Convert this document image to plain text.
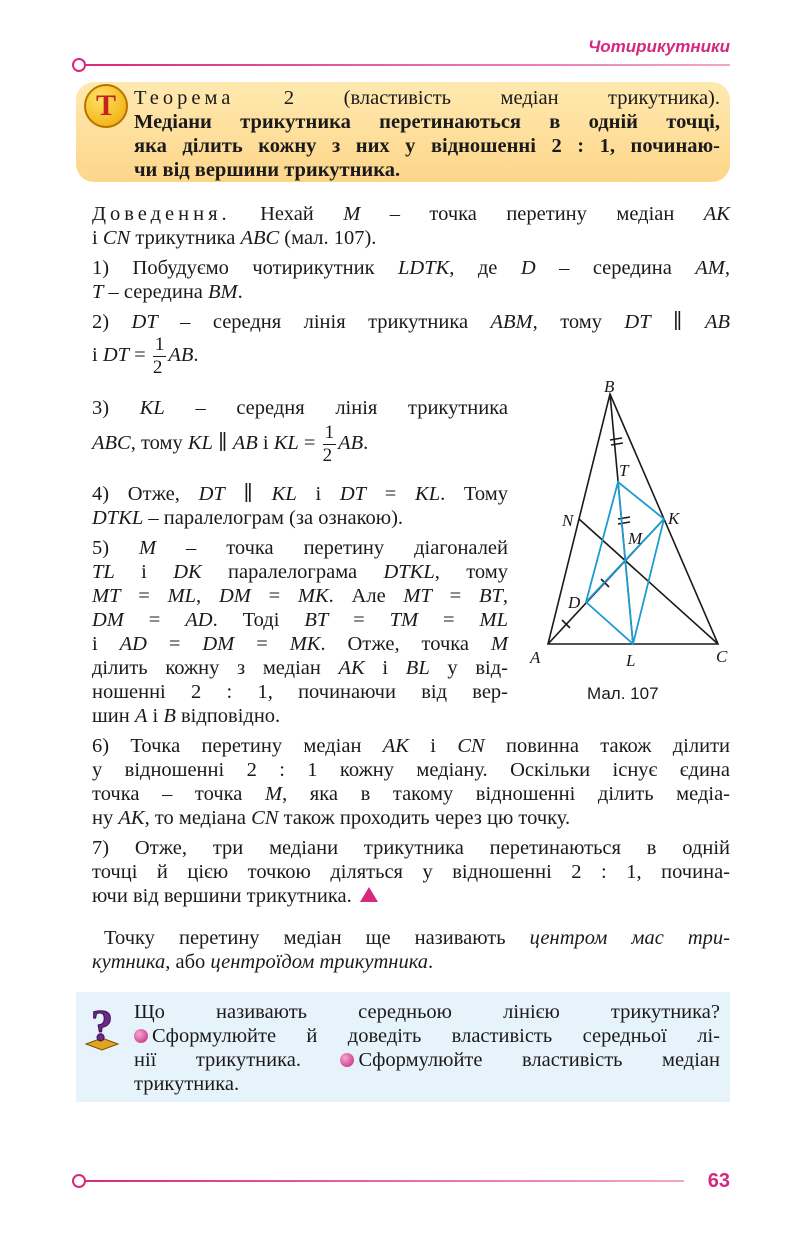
Чотирикутники
Т Теорема 2 (властивість медіан трикутника).
Медіани трикутника перетинаються в одній точці,
яка ділить кожну з них у відношенні 2 : 1, починаю-
чи від вершини трикутника.
Доведення. Нехай M – точка перетину медіан AK
і CN трикутника ABC (мал. 107).
1) Побудуємо чотирикутник LDTK, де D – середина AM,
T – середина BM.
2) DT – середня лінія трикутника ABM, тому DT ∥ AB
і DT = $\frac{1}{2}$ AB.
3) KL – середня лінія трикутника
ABC, тому KL ∥ AB і KL = $\frac{1}{2}$ AB.
4) Отже, DT ∥ KL і DT = KL. Тому
DTKL – паралелограм (за ознакою).
5) M – точка перетину діагоналей
TL і DK паралелограма DTKL, тому
MT = ML, DM = MK. Але MT = BT,
DM = AD. Тоді BT = TM = ML
і AD = DM = MK. Отже, точка M
ділить кожну з медіан AK і BL у від-
ношенні 2 : 1, починаючи від вер-
шин A і B відповідно.
6) Точка перетину медіан AK і CN повинна також ділити
у відношенні 2 : 1 кожну медіану. Оскільки існує єдина
точка – точка M, яка в такому відношенні ділить медіа-
ну AK, то медіана CN також проходить через цю точку.
7) Отже, три медіани трикутника перетинаються в одній
точці й цією точкою діляться у відношенні 2 : 1, почина-
ючи від вершини трикутника.
Точку перетину медіан ще називають центром мас три-
кутника, або центроїдом трикутника.
? Що називають середньою лінією трикутника?
Сформулюйте й доведіть властивість середньої лі-
нії трикутника.	Сформулюйте властивість медіан
трикутника.
A
B
C
N	K
L
T
D
M
Мал. 107
63
